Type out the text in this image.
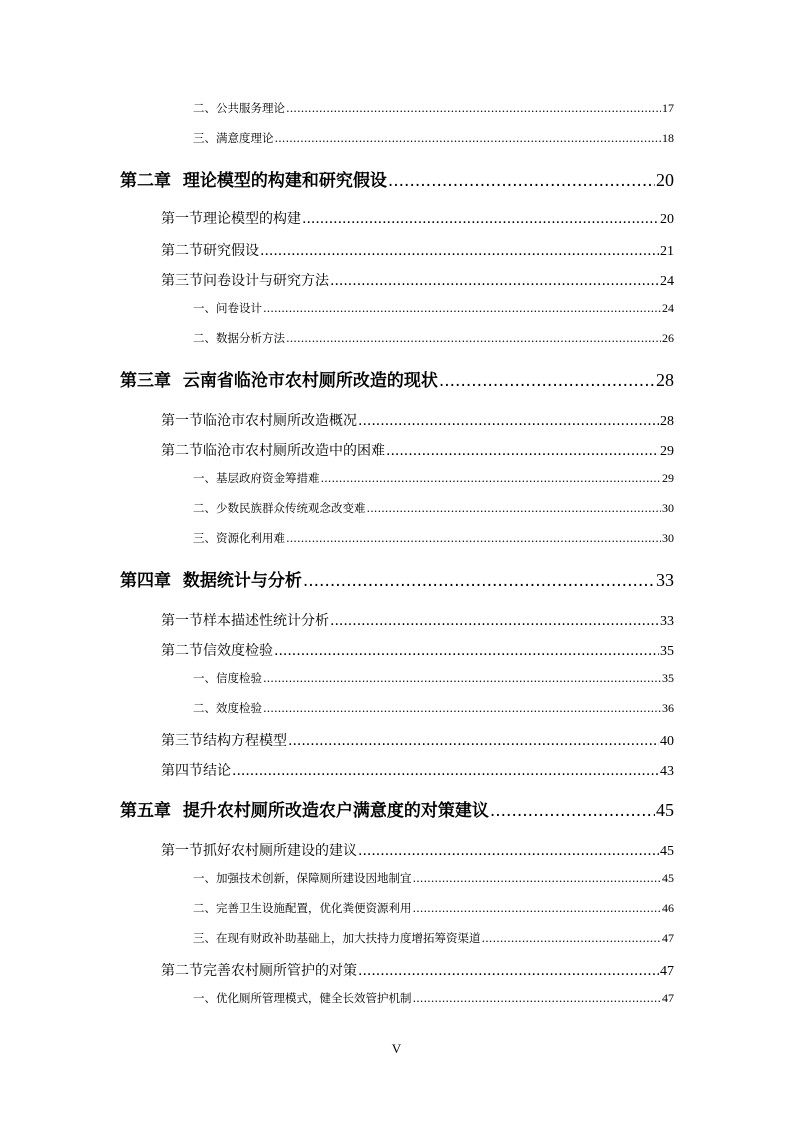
二、公共服务理论 .....	17
三、满意度理论 .....	18
第二章  理论模型的构建和研究假设 .....	20
第一节 理论模型的构建 .....	20
第二节 研究假设 .....	21
第三节 问卷设计与研究方法 .....	24
一、问卷设计 .....	24
二、数据分析方法 .....	26
第三章  云南省临沧市农村厕所改造的现状 .....	28
第一节 临沧市农村厕所改造概况 .....	28
第二节 临沧市农村厕所改造中的困难 .....	29
一、基层政府资金筹措难 .....	29
二、少数民族群众传统观念改变难 .....	30
三、资源化利用难 .....	30
第四章  数据统计与分析 .....	33
第一节 样本描述性统计分析 .....	33
第二节 信效度检验 .....	35
一、信度检验 .....	35
二、效度检验 .....	36
第三节 结构方程模型 .....	40
第四节 结论 .....	43
第五章  提升农村厕所改造农户满意度的对策建议 .....	45
第一节 抓好农村厕所建设的建议 .....	45
一、加强技术创新，保障厕所建设因地制宜 .....	45
二、完善卫生设施配置，优化粪便资源利用 .....	46
三、在现有财政补助基础上，加大扶持力度增拓筹资渠道 .....	47
第二节 完善农村厕所管护的对策 .....	47
一、优化厕所管理模式，健全长效管护机制 .....	47
V
